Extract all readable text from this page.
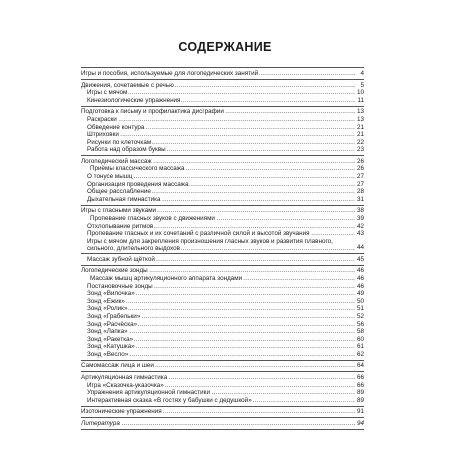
СОДЕРЖАНИЕ
Игры и пособия, используемые для логопедических занятий .....	4
Движения, сочетаемые с речью .....	5
Игры с мячом .....	10
Кинезиологические упражнения .....	11
Подготовка к письму и профилактика дисграфии .....	13
Раскраски .....	13
Обведение контура .....	21
Штриховки .....	21
Рисунки по клеточкам .....	22
Работа над образом буквы .....	23
Логопедический массаж .....	26
Приёмы классического массажа .....	26
О тонусе мышц .....	27
Организация проведения массажа .....	27
Общее расслабление .....	28
Дыхательная гимнастика .....	31
Игры с гласными звуками .....	38
Пропевание гласных звуков с движениями .....	39
Отхлопывание ритмов .....	42
Пропевание гласных и их сочетаний с различной силой и высотой звучания .....	43
Игры с мячом для закрепления произношения гласных звуков и развития плавного, сильного, длительного выдохов .....	44
Массаж зубной щёткой .....	45
Логопедические зонды .....	46
Массаж мышц артикуляционного аппарата зондами .....	46
Постановочные зонды .....	46
Зонд «Вилочка» .....	49
Зонд «Ежик» .....	50
Зонд «Ролик» .....	51
Зонд «Грабельки» .....	52
Зонд «Расчёска» .....	56
Зонд «Лапка» .....	58
Зонд «Ракетка» .....	60
Зонд «Катушка» .....	61
Зонд «Весло» .....	62
Самомассаж лица и шеи .....	64
Артикуляционная гимнастика .....	66
Игра «Сказочка-указочка» .....	66
Упражнения артикуляционной гимнастики .....	89
Интерактивная сказка «В гостях у бабушки с дедушкой» .....	89
Изотонические упражнения .....	91
Литература .....	94
